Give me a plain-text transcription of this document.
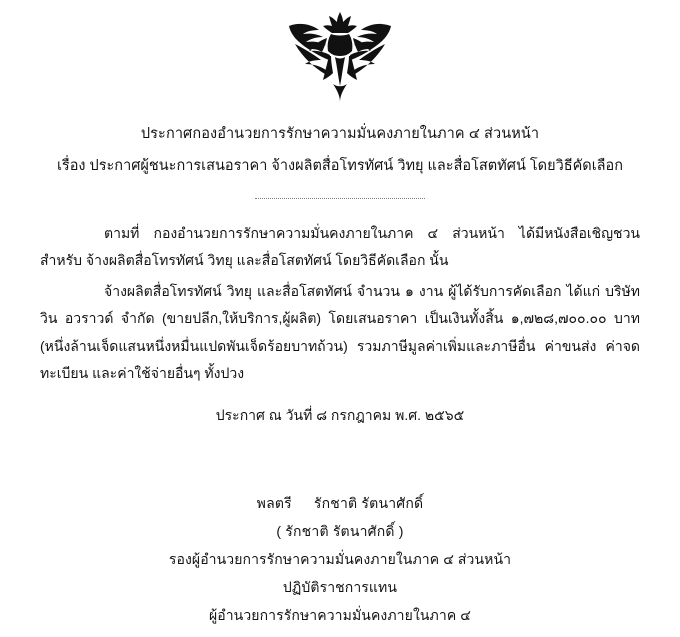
ประกาศกองอำนวยการรักษาความมั่นคงภายในภาค ๔ ส่วนหน้า
เรื่อง ประกาศผู้ชนะการเสนอราคา จ้างผลิตสื่อโทรทัศน์ วิทยุ และสื่อโสตทัศน์ โดยวิธีคัดเลือก

ตามที่ กองอำนวยการรักษาความมั่นคงภายในภาค ๔ ส่วนหน้า ได้มีหนังสือเชิญชวนสำหรับ จ้างผลิตสื่อโทรทัศน์ วิทยุ และสื่อโสตทัศน์ โดยวิธีคัดเลือก นั้น

จ้างผลิตสื่อโทรทัศน์ วิทยุ และสื่อโสตทัศน์ จำนวน ๑ งาน ผู้ได้รับการคัดเลือก ได้แก่ บริษัท วิน อวราวด์ จำกัด (ขายปลีก,ให้บริการ,ผู้ผลิต) โดยเสนอราคา เป็นเงินทั้งสิ้น ๑,๗๒๘,๗๐๐.๐๐ บาท (หนึ่งล้านเจ็ดแสนหนึ่งหมื่นแปดพันเจ็ดร้อยบาทถ้วน) รวมภาษีมูลค่าเพิ่มและภาษีอื่น ค่าขนส่ง ค่าจดทะเบียน และค่าใช้จ่ายอื่นๆ ทั้งปวง

ประกาศ ณ วันที่ ๘ กรกฎาคม พ.ศ. ๒๕๖๕
พลตรี รักชาติ รัตนาศักดิ์
( รักชาติ รัตนาศักดิ์ )
รองผู้อำนวยการรักษาความมั่นคงภายในภาค ๔ ส่วนหน้า
ปฏิบัติราชการแทน
ผู้อำนวยการรักษาความมั่นคงภายในภาค ๔
